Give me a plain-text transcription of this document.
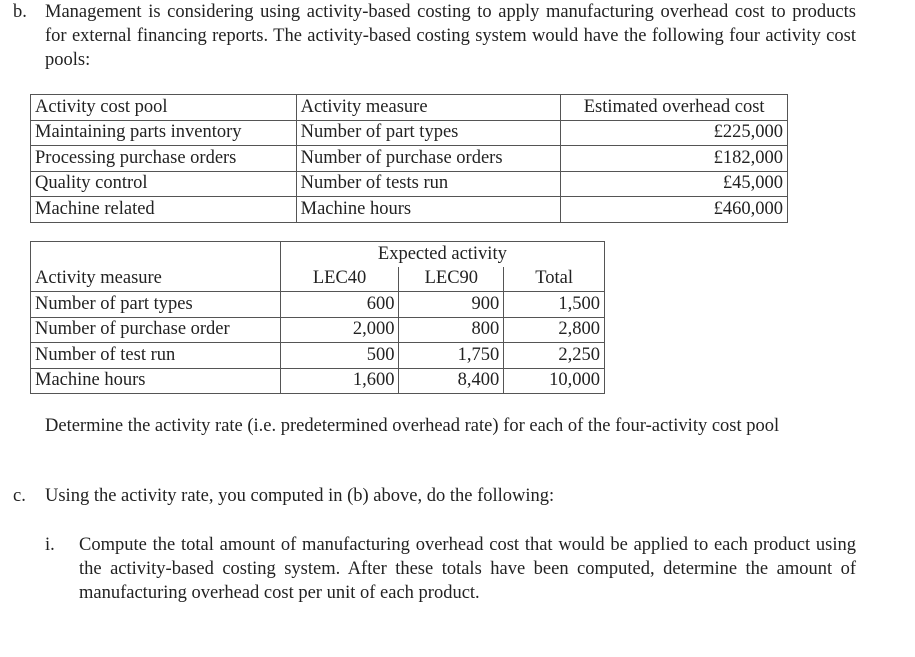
b. Management is considering using activity-based costing to apply manufacturing overhead cost to products for external financing reports. The activity-based costing system would have the following four activity cost pools:
Activity cost pool	Activity measure	Estimated overhead cost
Maintaining parts inventory	Number of part types	£225,000
Processing purchase orders	Number of purchase orders	£182,000
Quality control	Number of tests run	£45,000
Machine related	Machine hours	£460,000
	Expected activity		
Activity measure	LEC40	LEC90	Total
Number of part types	600	900	1,500
Number of purchase order	2,000	800	2,800
Number of test run	500	1,750	2,250
Machine hours	1,600	8,400	10,000
Determine the activity rate (i.e. predetermined overhead rate) for each of the four-activity cost pool
c. Using the activity rate, you computed in (b) above, do the following:
i. Compute the total amount of manufacturing overhead cost that would be applied to each product using the activity-based costing system. After these totals have been computed, determine the amount of manufacturing overhead cost per unit of each product.
